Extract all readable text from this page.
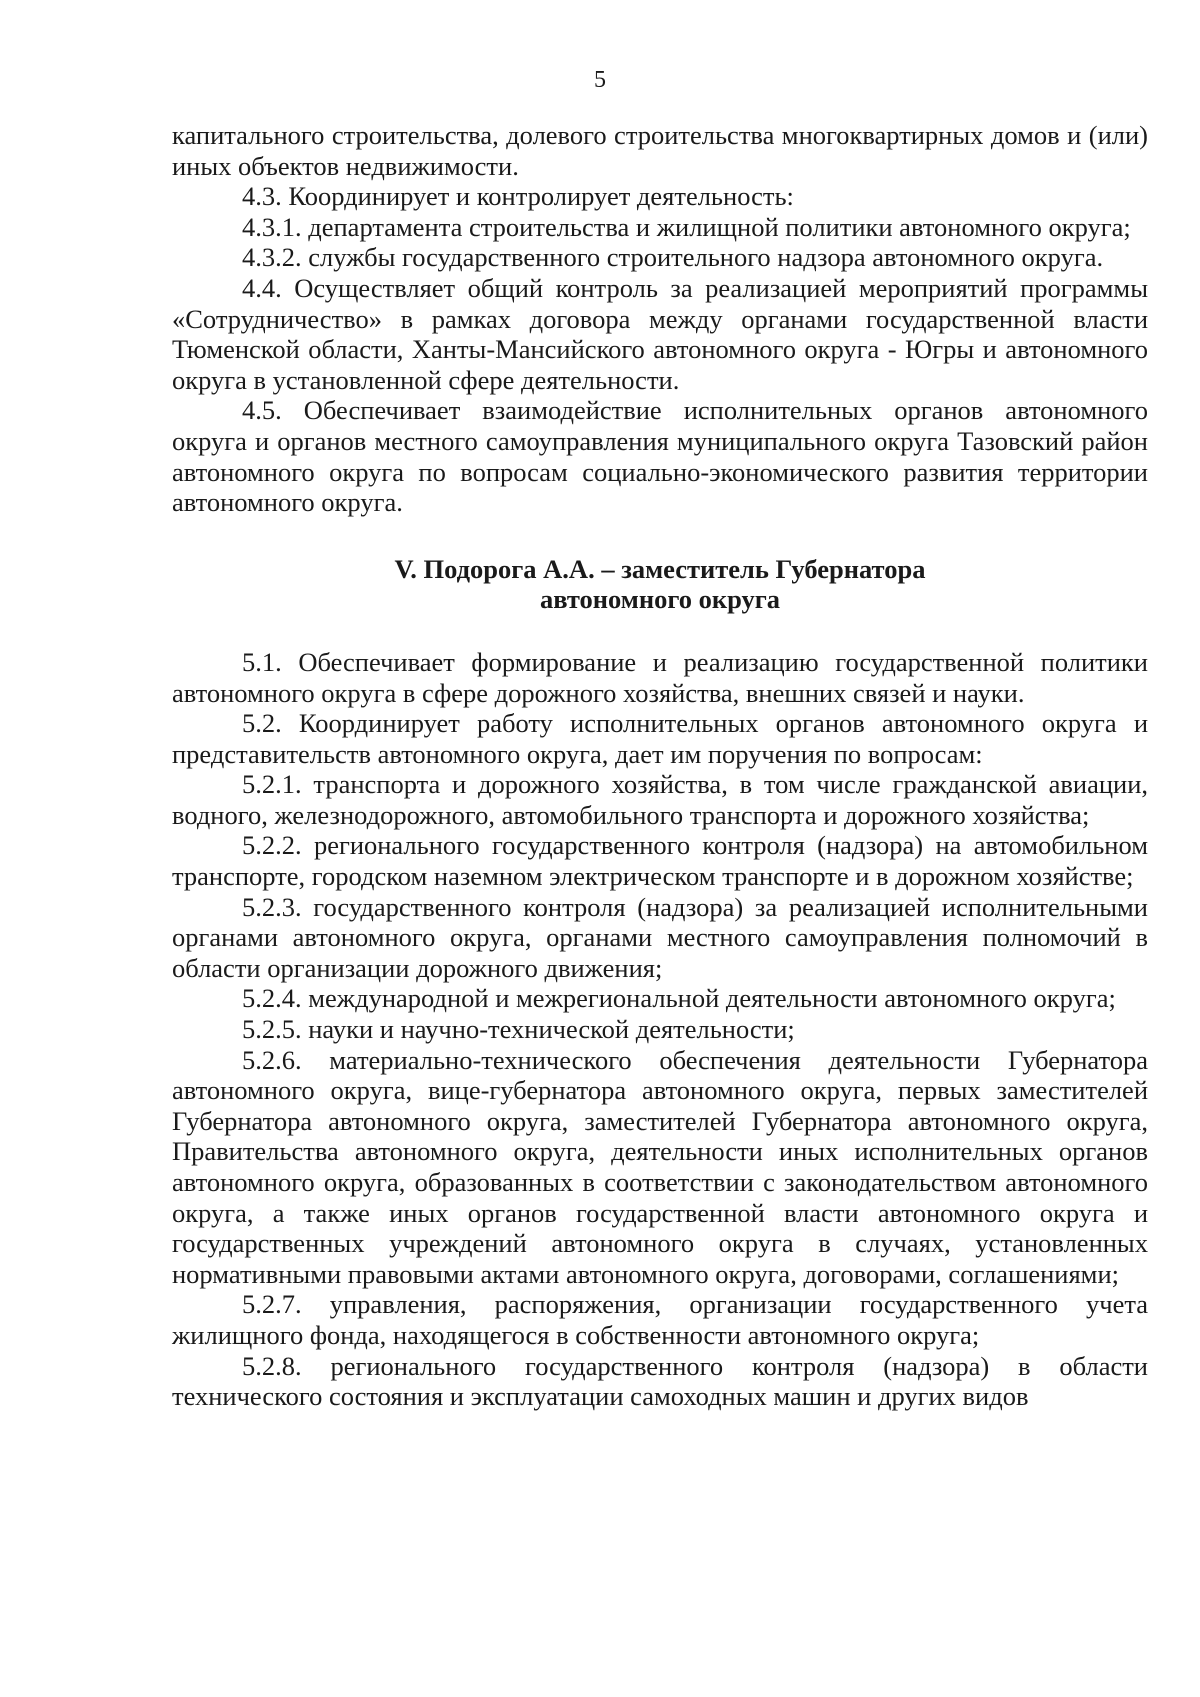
5

капитального строительства, долевого строительства многоквартирных домов и (или) иных объектов недвижимости.

4.3. Координирует и контролирует деятельность:

4.3.1. департамента строительства и жилищной политики автономного округа;

4.3.2. службы государственного строительного надзора автономного округа.

4.4. Осуществляет общий контроль за реализацией мероприятий программы «Сотрудничество» в рамках договора между органами государственной власти Тюменской области, Ханты-Мансийского автономного округа - Югры и автономного округа в установленной сфере деятельности.

4.5. Обеспечивает взаимодействие исполнительных органов автономного округа и органов местного самоуправления муниципального округа Тазовский район автономного округа по вопросам социально-экономического развития территории автономного округа.

V. Подорога А.А. – заместитель Губернатора
автономного округа

5.1. Обеспечивает формирование и реализацию государственной политики автономного округа в сфере дорожного хозяйства, внешних связей и науки.

5.2. Координирует работу исполнительных органов автономного округа и представительств автономного округа, дает им поручения по вопросам:

5.2.1. транспорта и дорожного хозяйства, в том числе гражданской авиации, водного, железнодорожного, автомобильного транспорта и дорожного хозяйства;

5.2.2. регионального государственного контроля (надзора) на автомобильном транспорте, городском наземном электрическом транспорте и в дорожном хозяйстве;

5.2.3. государственного контроля (надзора) за реализацией исполнительными органами автономного округа, органами местного самоуправления полномочий в области организации дорожного движения;

5.2.4. международной и межрегиональной деятельности автономного округа;

5.2.5. науки и научно-технической деятельности;

5.2.6. материально-технического обеспечения деятельности Губернатора автономного округа, вице-губернатора автономного округа, первых заместителей Губернатора автономного округа, заместителей Губернатора автономного округа, Правительства автономного округа, деятельности иных исполнительных органов автономного округа, образованных в соответствии с законодательством автономного округа, а также иных органов государственной власти автономного округа и государственных учреждений автономного округа в случаях, установленных нормативными правовыми актами автономного округа, договорами, соглашениями;

5.2.7. управления, распоряжения, организации государственного учета жилищного фонда, находящегося в собственности автономного округа;

5.2.8. регионального государственного контроля (надзора) в области технического состояния и эксплуатации самоходных машин и других видов
